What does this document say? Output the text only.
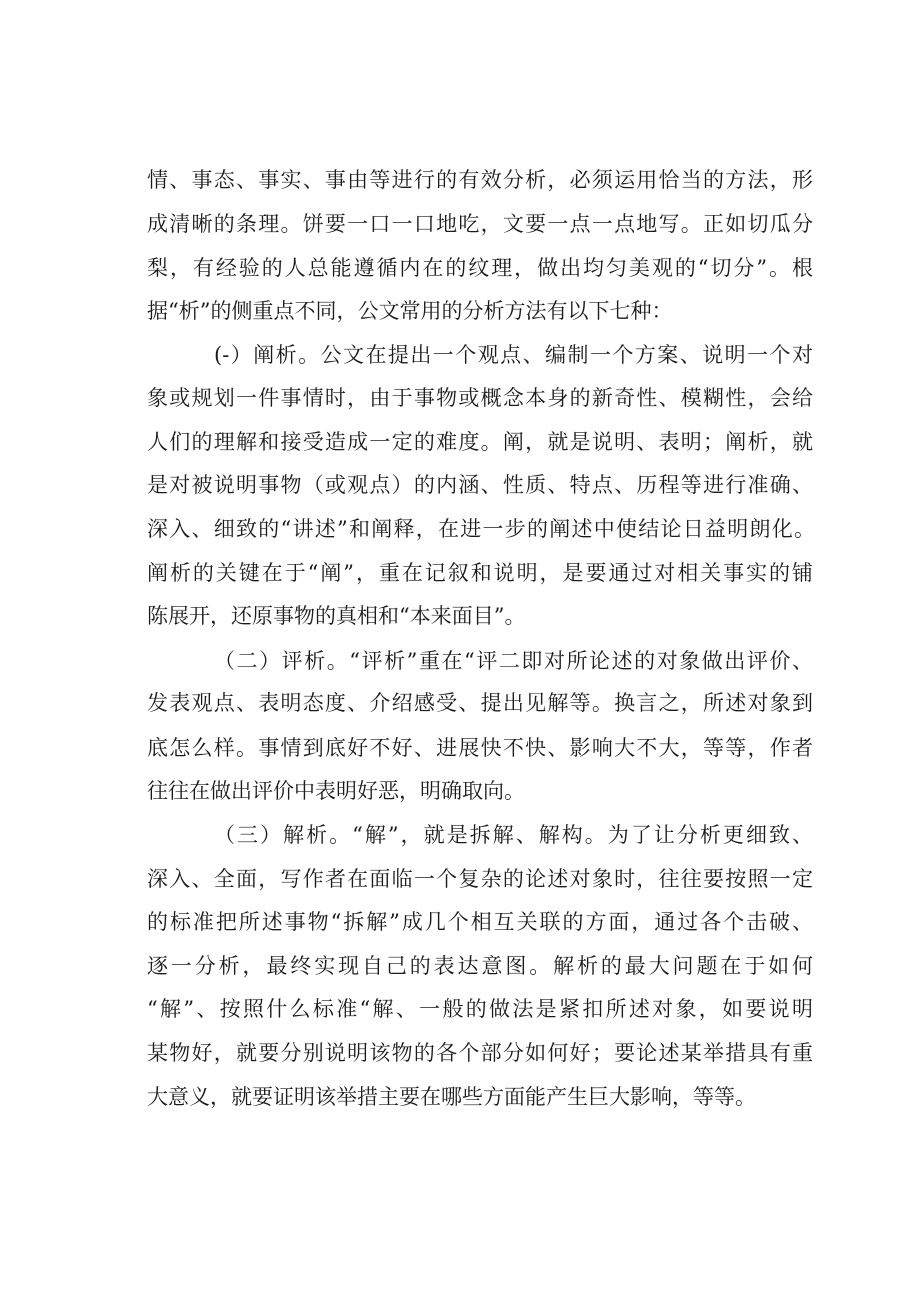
情、事态、事实、事由等进行的有效分析，必须运用恰当的方法，形
成清晰的条理。饼要一口一口地吃，文要一点一点地写。正如切瓜分
梨，有经验的人总能遵循内在的纹理，做出均匀美观的“切分”。根
据“析”的侧重点不同，公文常用的分析方法有以下七种：
(-）阐析。公文在提出一个观点、编制一个方案、说明一个对
象或规划一件事情时，由于事物或概念本身的新奇性、模糊性，会给
人们的理解和接受造成一定的难度。阐，就是说明、表明；阐析，就
是对被说明事物（或观点）的内涵、性质、特点、历程等进行准确、
深入、细致的“讲述”和阐释，在进一步的阐述中使结论日益明朗化。
阐析的关键在于“阐”，重在记叙和说明，是要通过对相关事实的铺
陈展开，还原事物的真相和“本来面目”。
（二）评析。“评析”重在“评二即对所论述的对象做出评价、
发表观点、表明态度、介绍感受、提出见解等。换言之，所述对象到
底怎么样。事情到底好不好、进展快不快、影响大不大，等等，作者
往往在做出评价中表明好恶，明确取向。
（三）解析。“解”，就是拆解、解构。为了让分析更细致、
深入、全面，写作者在面临一个复杂的论述对象时，往往要按照一定
的标准把所述事物“拆解”成几个相互关联的方面，通过各个击破、
逐一分析，最终实现自己的表达意图。解析的最大问题在于如何
“解”、按照什么标准“解、一般的做法是紧扣所述对象，如要说明
某物好，就要分别说明该物的各个部分如何好；要论述某举措具有重
大意义，就要证明该举措主要在哪些方面能产生巨大影响，等等。
